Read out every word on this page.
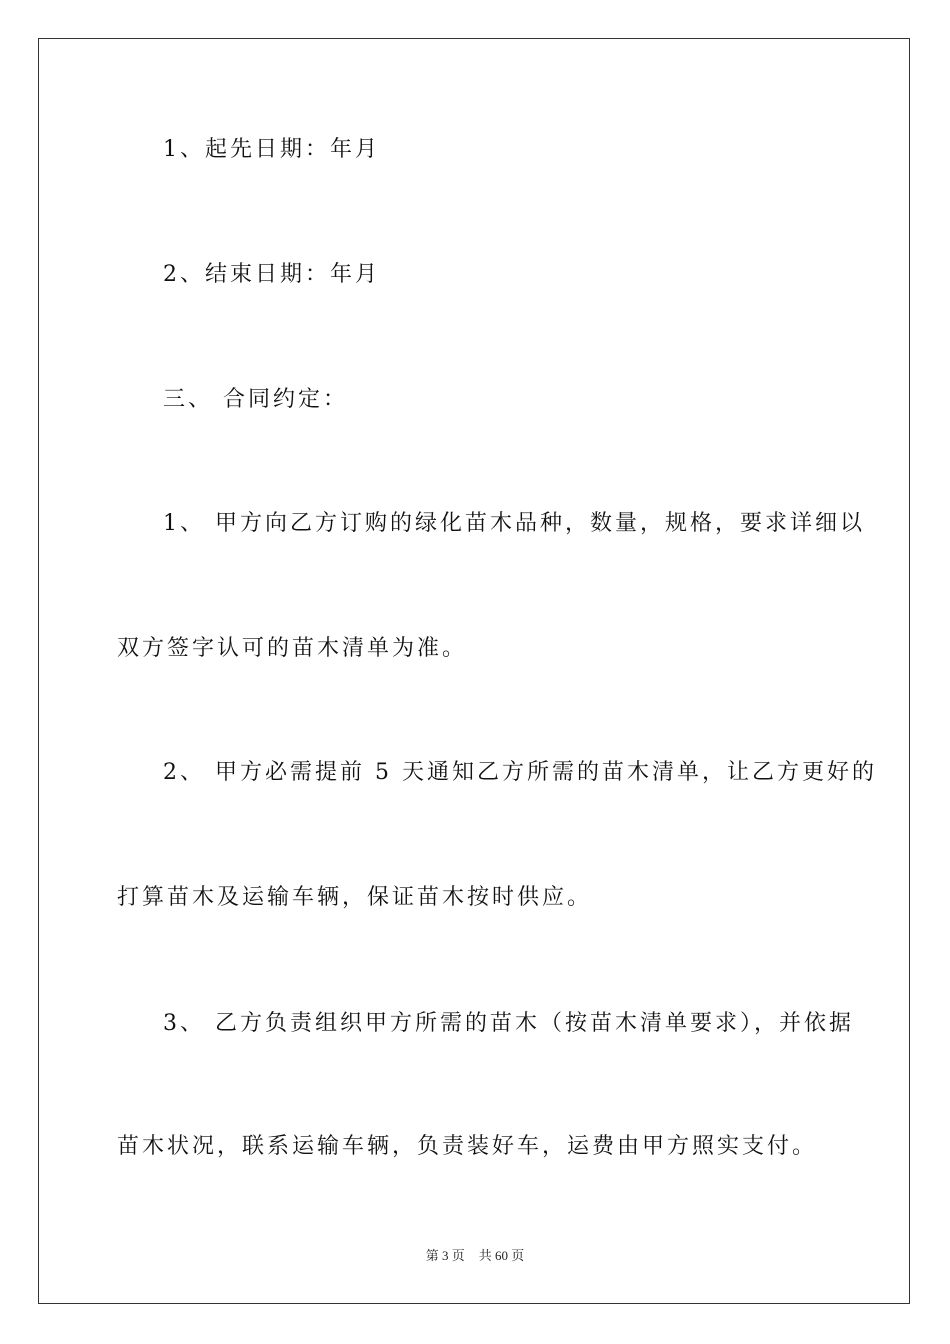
1、起先日期：年月
2、结束日期：年月
三、 合同约定：
1、 甲方向乙方订购的绿化苗木品种，数量，规格，要求详细以
双方签字认可的苗木清单为准。
2、 甲方必需提前 5 天通知乙方所需的苗木清单，让乙方更好的
打算苗木及运输车辆，保证苗木按时供应。
3、 乙方负责组织甲方所需的苗木（按苗木清单要求），并依据
苗木状况，联系运输车辆，负责装好车，运费由甲方照实支付。
第 3 页 共 60 页
